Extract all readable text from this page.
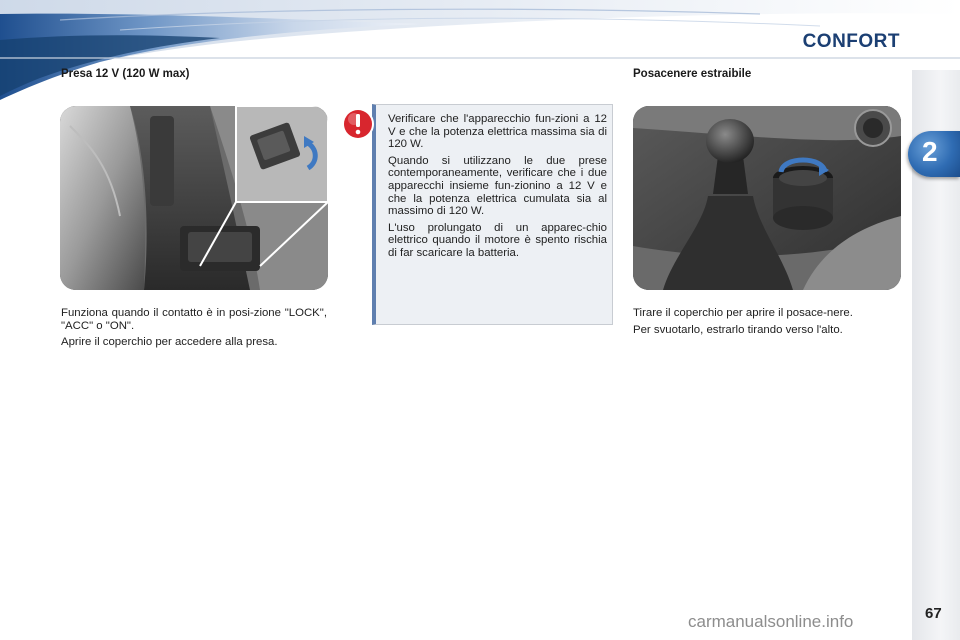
CONFORT
2
Presa 12 V (120 W max)

Funziona quando il contatto è in posi-zione "LOCK", "ACC" o "ON".

Aprire il coperchio per accedere alla presa.

Verificare che l'apparecchio fun-zioni a 12 V e che la potenza elettrica massima sia di 120 W.

Quando si utilizzano le due prese contemporaneamente, verificare che i due apparecchi insieme fun-zionino a 12 V e che la potenza elettrica cumulata sia al massimo di 120 W.

L'uso prolungato di un apparec-chio elettrico quando il motore è spento rischia di far scaricare la batteria.

Posacenere estraibile

Tirare il coperchio per aprire il posace-nere.

Per svuotarlo, estrarlo tirando verso l'alto.

67
carmanualsonline.info
